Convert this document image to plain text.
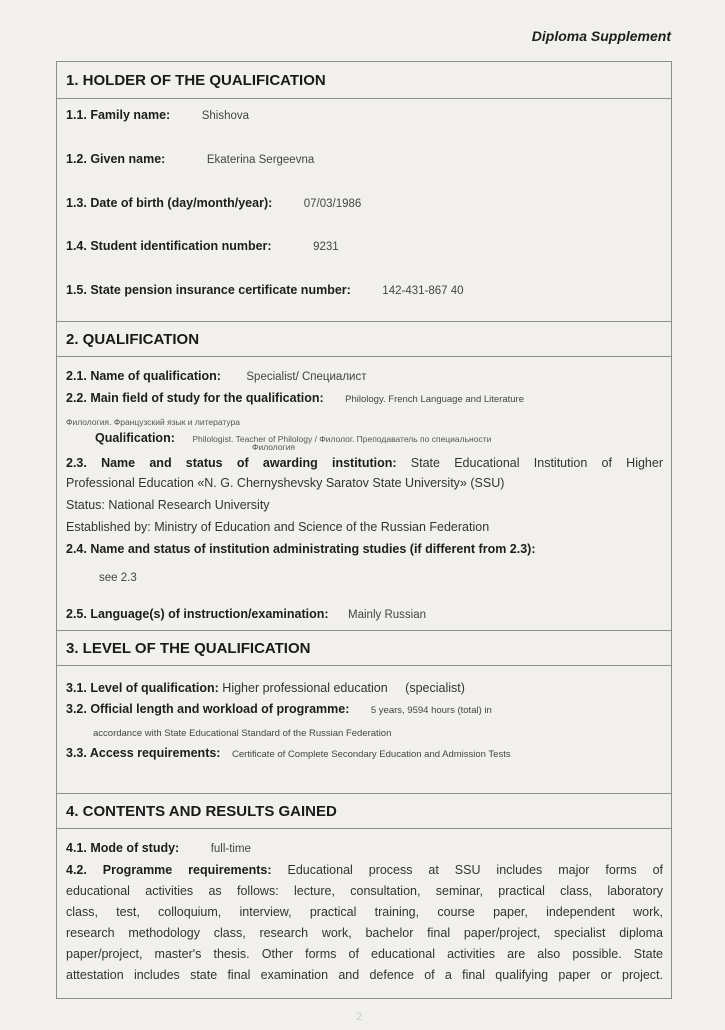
Diploma Supplement
1. HOLDER OF THE QUALIFICATION
1.1. Family name:	Shishova
1.2. Given name:	Ekaterina Sergeevna
1.3. Date of birth (day/month/year):	07/03/1986
1.4. Student identification number:	9231
1.5. State pension insurance certificate number:	142-431-867 40
2. QUALIFICATION
2.1. Name of qualification: Specialist/ Специалист
2.2. Main field of study for the qualification: Philology. French Language and Literature
Филология. Французский язык и литература
Qualification: Philologist. Teacher of Philology / Филолог. Преподаватель по специальности
Филология
2.3. Name and status of awarding institution: State Educational Institution of Higher
Professional Education «N. G. Chernyshevsky Saratov State University» (SSU)
Status: National Research University
Established by: Ministry of Education and Science of the Russian Federation
2.4. Name and status of institution administrating studies (if different from 2.3):
see 2.3
2.5. Language(s) of instruction/examination: Mainly Russian
3. LEVEL OF THE QUALIFICATION
3.1. Level of qualification: Higher professional education (specialist)
3.2. Official length and workload of programme: 5 years, 9594 hours (total) in
accordance with State Educational Standard of the Russian Federation
3.3. Access requirements: Certificate of Complete Secondary Education and Admission Tests
4. CONTENTS AND RESULTS GAINED
4.1. Mode of study:	full-time
4.2. Programme requirements: Educational process at SSU includes major forms of
educational activities as follows: lecture, consultation, seminar, practical class, laboratory
class, test, colloquium, interview, practical training, course paper, independent work,
research methodology class, research work, bachelor final paper/project, specialist diploma
paper/project, master's thesis. Other forms of educational activities are also possible. State
attestation includes state final examination and defence of a final qualifying paper or project.
2
